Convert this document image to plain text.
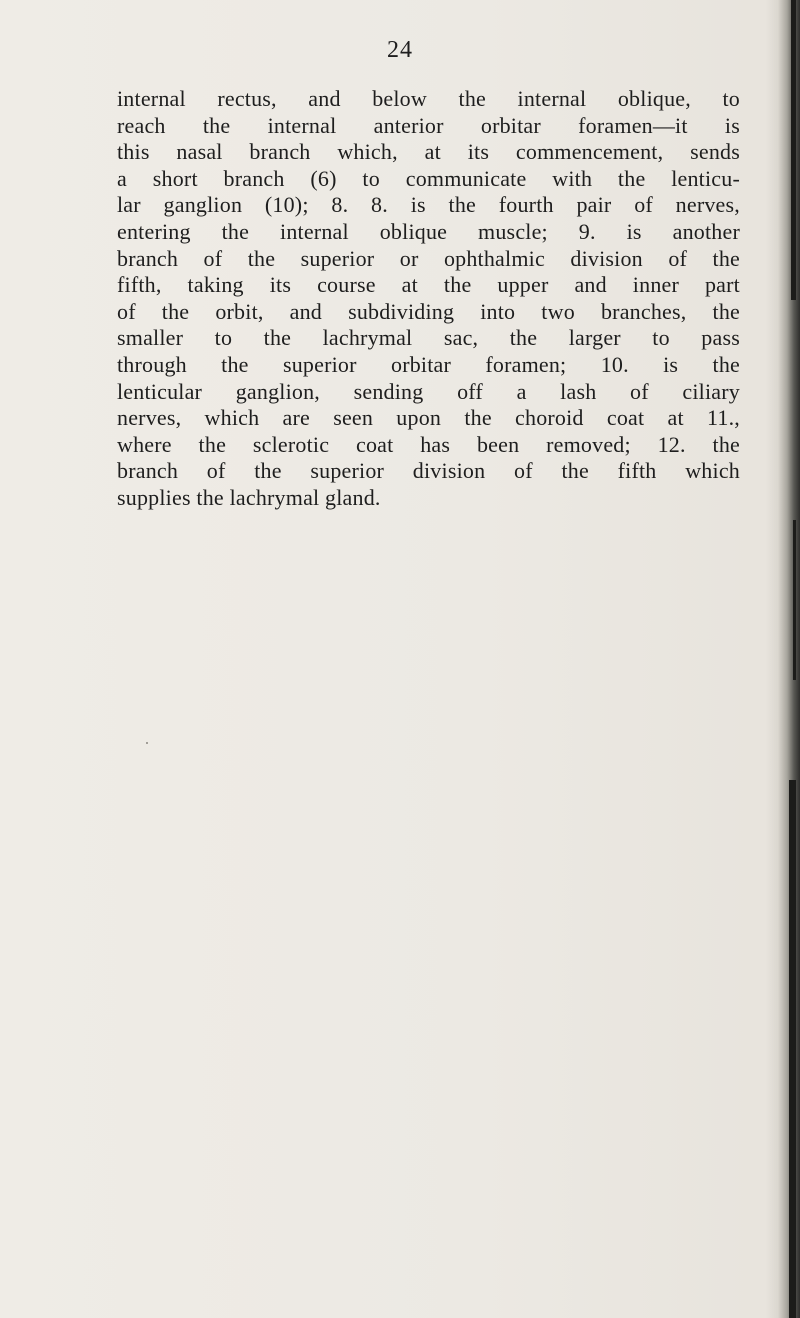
24
internal rectus, and below the internal oblique, to
reach the internal anterior orbitar foramen—it is
this nasal branch which, at its commencement, sends
a short branch (6) to communicate with the lenticu-
lar ganglion (10); 8. 8. is the fourth pair of nerves,
entering the internal oblique muscle; 9. is another
branch of the superior or ophthalmic division of the
fifth, taking its course at the upper and inner part
of the orbit, and subdividing into two branches, the
smaller to the lachrymal sac, the larger to pass
through the superior orbitar foramen; 10. is the
lenticular ganglion, sending off a lash of ciliary
nerves, which are seen upon the choroid coat at 11.,
where the sclerotic coat has been removed; 12. the
branch of the superior division of the fifth which
supplies the lachrymal gland.
